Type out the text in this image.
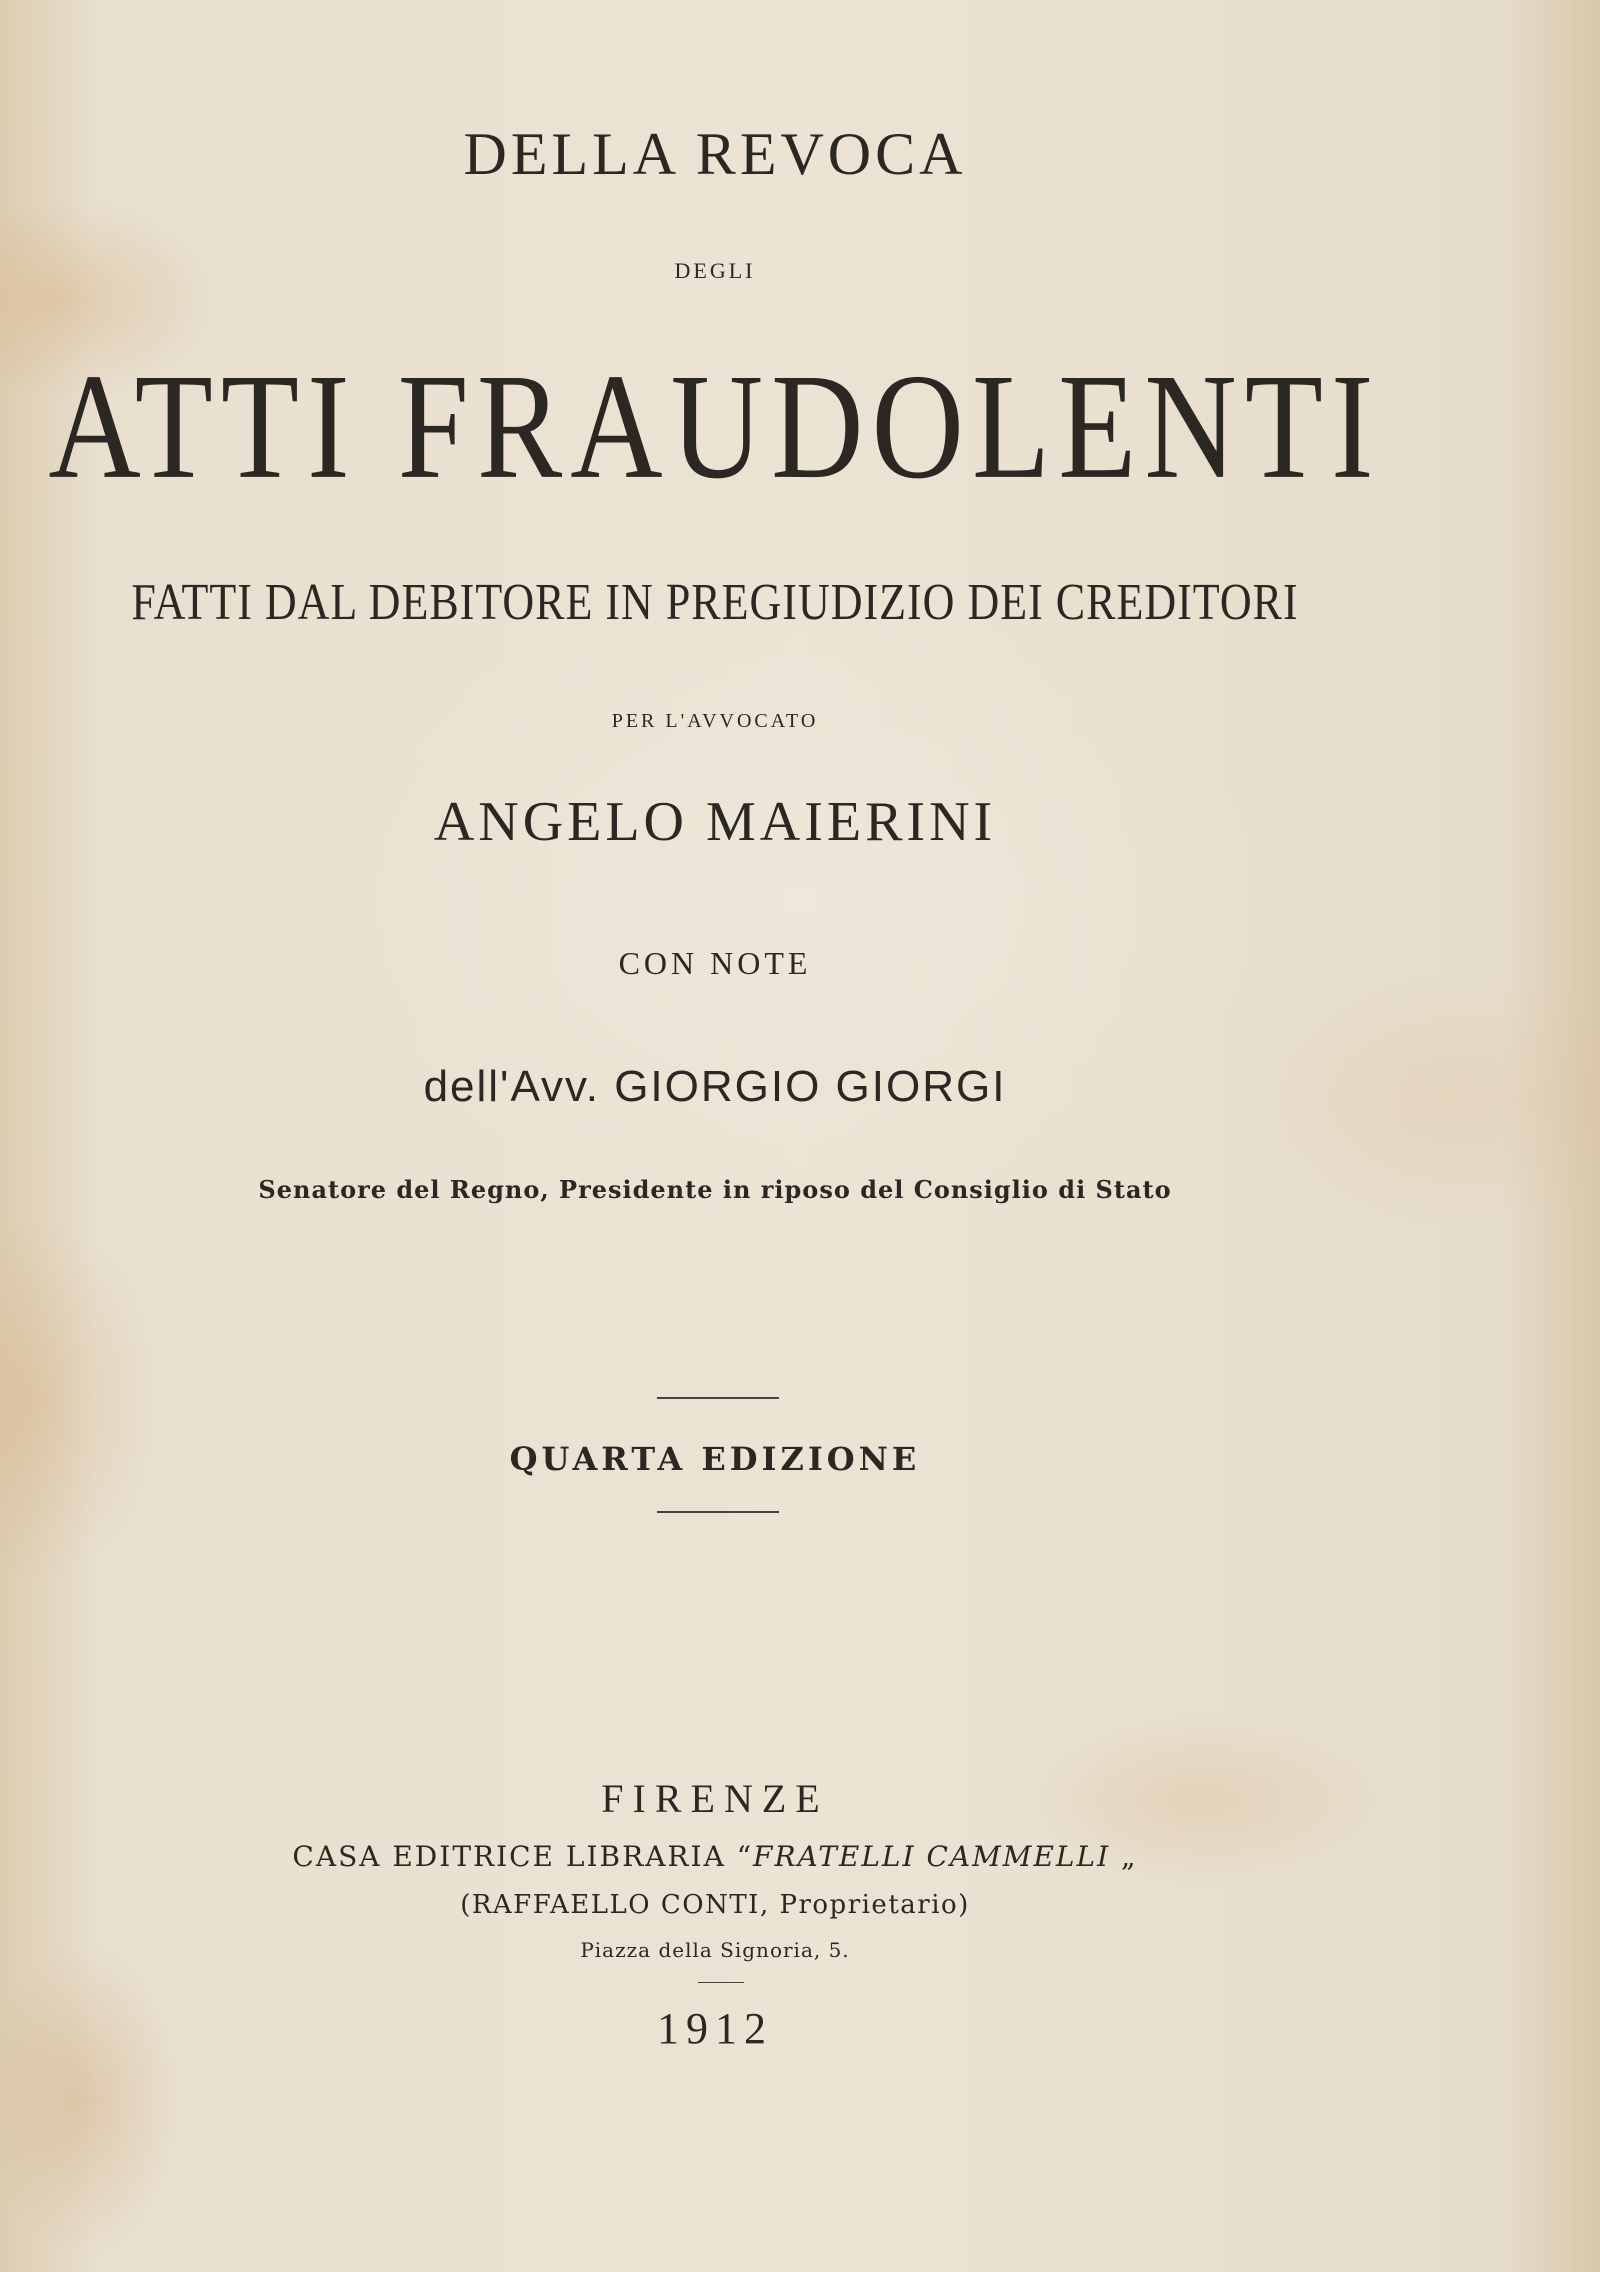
DELLA REVOCA

DEGLI

ATTI FRAUDOLENTI

FATTI DAL DEBITORE IN PREGIUDIZIO DEI CREDITORI

PER L'AVVOCATO

ANGELO MAIERINI

CON NOTE

dell'Avv. GIORGIO GIORGI

Senatore del Regno, Presidente in riposo del Consiglio di Stato

QUARTA EDIZIONE

FIRENZE

CASA EDITRICE LIBRARIA “FRATELLI CAMMELLI „

(RAFFAELLO CONTI, Proprietario)

Piazza della Signoria, 5.

1912
